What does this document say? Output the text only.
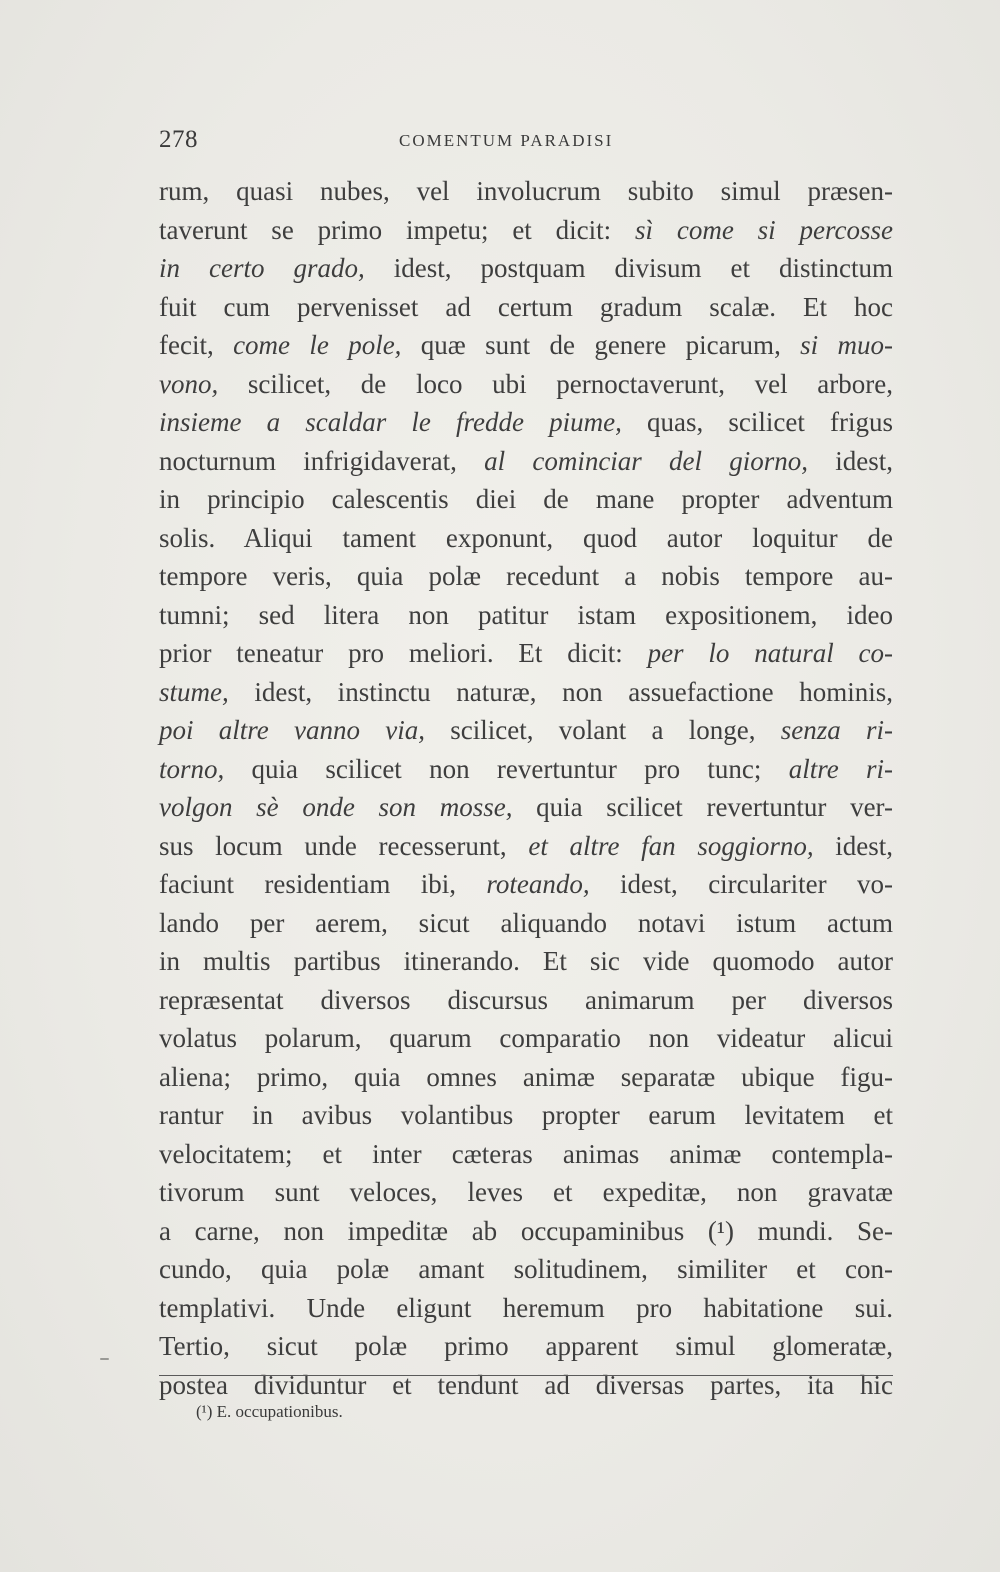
278	COMENTUM PARADISI
rum, quasi nubes, vel involucrum subito simul præsen-
taverunt se primo impetu; et dicit: sì come si percosse
in certo grado, idest, postquam divisum et distinctum
fuit cum pervenisset ad certum gradum scalæ. Et hoc
fecit, come le pole, quæ sunt de genere picarum, si muo-
vono, scilicet, de loco ubi pernoctaverunt, vel arbore,
insieme a scaldar le fredde piume, quas, scilicet frigus
nocturnum infrigidaverat, al cominciar del giorno, idest,
in principio calescentis diei de mane propter adventum
solis. Aliqui tament exponunt, quod autor loquitur de
tempore veris, quia polæ recedunt a nobis tempore au-
tumni; sed litera non patitur istam expositionem, ideo
prior teneatur pro meliori. Et dicit: per lo natural co-
stume, idest, instinctu naturæ, non assuefactione hominis,
poi altre vanno via, scilicet, volant a longe, senza ri-
torno, quia scilicet non revertuntur pro tunc; altre ri-
volgon sè onde son mosse, quia scilicet revertuntur ver-
sus locum unde recesserunt, et altre fan soggiorno, idest,
faciunt residentiam ibi, roteando, idest, circulariter vo-
lando per aerem, sicut aliquando notavi istum actum
in multis partibus itinerando. Et sic vide quomodo autor
repræsentat diversos discursus animarum per diversos
volatus polarum, quarum comparatio non videatur alicui
aliena; primo, quia omnes animæ separatæ ubique figu-
rantur in avibus volantibus propter earum levitatem et
velocitatem; et inter cæteras animas animæ contempla-
tivorum sunt veloces, leves et expeditæ, non gravatæ
a carne, non impeditæ ab occupaminibus (¹) mundi. Se-
cundo, quia polæ amant solitudinem, similiter et con-
templativi. Unde eligunt heremum pro habitatione sui.
Tertio, sicut polæ primo apparent simul glomeratæ,
postea dividuntur et tendunt ad diversas partes, ita hic
(¹) E. occupationibus.
